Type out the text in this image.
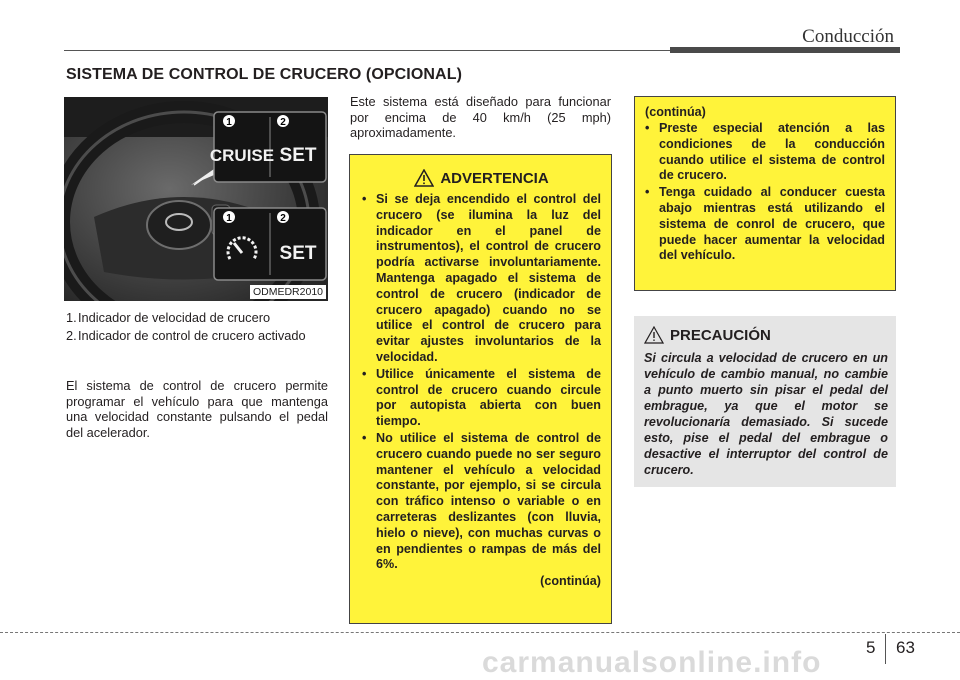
Conducción
SISTEMA DE CONTROL DE CRUCERO (OPCIONAL)
1	2
1	2
CRUISE SET
SET
ODMEDR2010
1. Indicador de velocidad de crucero
2. Indicador de control de crucero activado
El sistema de control de crucero permite programar el vehículo para que mantenga una velocidad constante pulsando el pedal del acelerador.
Este sistema está diseñado para funcionar por encima de 40 km/h (25 mph) aproximadamente.
ADVERTENCIA
• Si se deja encendido el control del crucero (se ilumina la luz del indicador en el panel de instrumentos), el control de crucero podría activarse involuntariamente. Mantenga apagado el sistema de control de crucero (indicador de crucero apagado) cuando no se utilice el control de crucero para evitar ajustes involuntarios de la velocidad.
• Utilice únicamente el sistema de control de crucero cuando circule por autopista abierta con buen tiempo.
• No utilice el sistema de control de crucero cuando puede no ser seguro mantener el vehículo a velocidad constante, por ejemplo, si se circula con tráfico intenso o variable o en carreteras deslizantes (con lluvia, hielo o nieve), con muchas curvas o en pendientes o rampas de más del 6%.
(continúa)
(continúa)
• Preste especial atención a las condiciones de la conducción cuando utilice el sistema de control de crucero.
• Tenga cuidado al conducer cuesta abajo mientras está utilizando el sistema de conrol de crucero, que puede hacer aumentar la velocidad del vehículo.
PRECAUCIÓN
Si circula a velocidad de crucero en un vehículo de cambio manual, no cambie a punto muerto sin pisar el pedal del embrague, ya que el motor se revolucionaría demasiado. Si sucede esto, pise el pedal del embrague o desactive el interruptor del control de crucero.
5 63
carmanualsonline.info
